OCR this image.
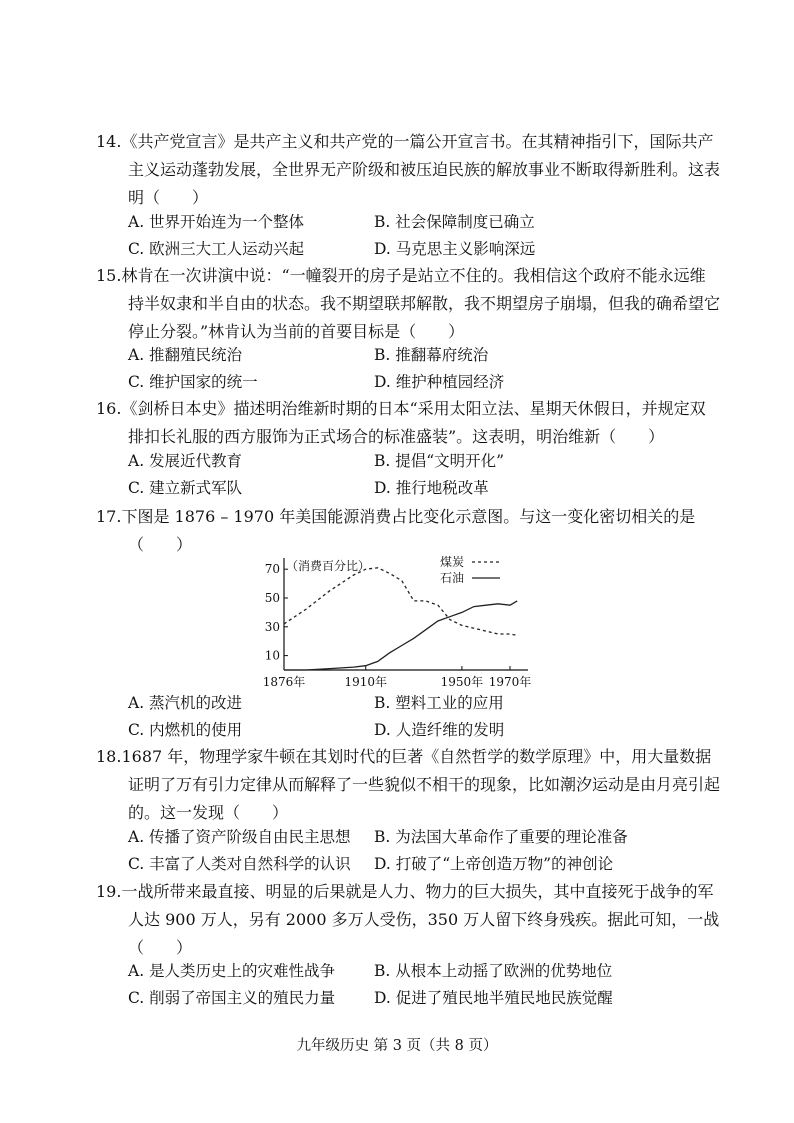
14.《共产党宣言》是共产主义和共产党的一篇公开宣言书。在其精神指引下，国际共产
主义运动蓬勃发展，全世界无产阶级和被压迫民族的解放事业不断取得新胜利。这表
明（　　）
A. 世界开始连为一个整体	B. 社会保障制度已确立
C. 欧洲三大工人运动兴起	D. 马克思主义影响深远
15.林肯在一次讲演中说：“一幢裂开的房子是站立不住的。我相信这个政府不能永远维
持半奴隶和半自由的状态。我不期望联邦解散，我不期望房子崩塌，但我的确希望它
停止分裂。”林肯认为当前的首要目标是（　　）
A. 推翻殖民统治	B. 推翻幕府统治
C. 维护国家的统一	D. 维护种植园经济
16.《剑桥日本史》描述明治维新时期的日本“采用太阳立法、星期天休假日，并规定双
排扣长礼服的西方服饰为正式场合的标准盛装”。这表明，明治维新（　　）
A. 发展近代教育	B. 提倡“文明开化”
C. 建立新式军队	D. 推行地税改革
17.下图是 1876 – 1970 年美国能源消费占比变化示意图。与这一变化密切相关的是
（　　）
70
50
30
10
1876年	1910年	1950年 1970年
（消费百分比）	煤炭
石油
A. 蒸汽机的改进	B. 塑料工业的应用
C. 内燃机的使用	D. 人造纤维的发明
18.1687 年，物理学家牛顿在其划时代的巨著《自然哲学的数学原理》中，用大量数据
证明了万有引力定律从而解释了一些貌似不相干的现象，比如潮汐运动是由月亮引起
的。这一发现（　　）
A. 传播了资产阶级自由民主思想 B. 为法国大革命作了重要的理论准备
C. 丰富了人类对自然科学的认识 D. 打破了“上帝创造万物”的神创论
19.一战所带来最直接、明显的后果就是人力、物力的巨大损失，其中直接死于战争的军
人达 900 万人，另有 2000 多万人受伤，350 万人留下终身残疾。据此可知，一战
（　　）
A. 是人类历史上的灾难性战争	B. 从根本上动摇了欧洲的优势地位
C. 削弱了帝国主义的殖民力量	D. 促进了殖民地半殖民地民族觉醒
九年级历史 第 3 页（共 8 页）
